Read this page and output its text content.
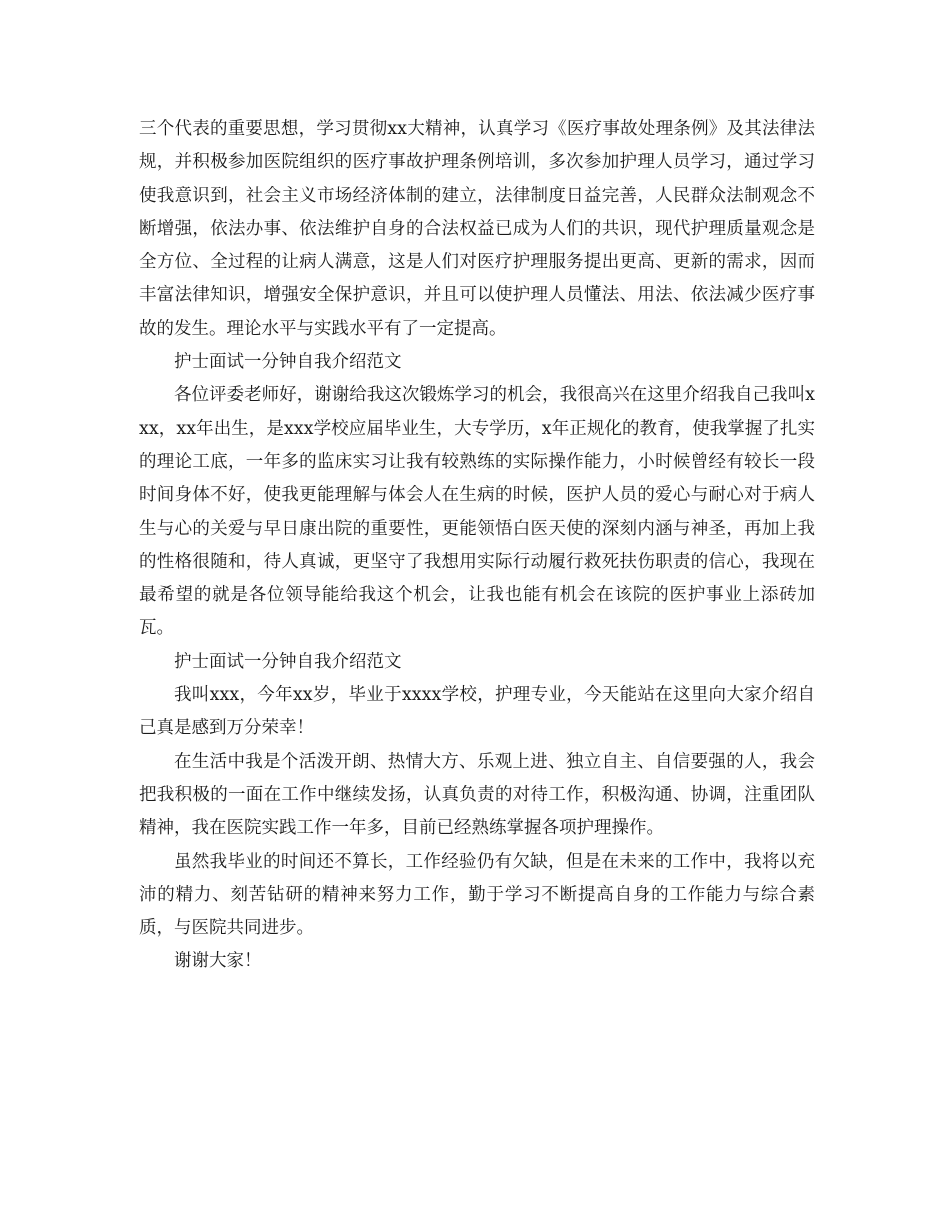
三个代表的重要思想，学习贯彻xx大精神，认真学习《医疗事故处理条例》及其法律法规，并积极参加医院组织的医疗事故护理条例培训，多次参加护理人员学习，通过学习使我意识到，社会主义市场经济体制的建立，法律制度日益完善，人民群众法制观念不断增强，依法办事、依法维护自身的合法权益已成为人们的共识，现代护理质量观念是全方位、全过程的让病人满意，这是人们对医疗护理服务提出更高、更新的需求，因而丰富法律知识，增强安全保护意识，并且可以使护理人员懂法、用法、依法减少医疗事故的发生。理论水平与实践水平有了一定提高。

护士面试一分钟自我介绍范文

各位评委老师好，谢谢给我这次锻炼学习的机会，我很高兴在这里介绍我自己我叫xxx，xx年出生，是xxx学校应届毕业生，大专学历，x年正规化的教育，使我掌握了扎实的理论工底，一年多的监床实习让我有较熟练的实际操作能力，小时候曾经有较长一段时间身体不好，使我更能理解与体会人在生病的时候，医护人员的爱心与耐心对于病人生与心的关爱与早日康出院的重要性，更能领悟白医天使的深刻内涵与神圣，再加上我的性格很随和，待人真诚，更坚守了我想用实际行动履行救死扶伤职责的信心，我现在最希望的就是各位领导能给我这个机会，让我也能有机会在该院的医护事业上添砖加瓦。

护士面试一分钟自我介绍范文

我叫xxx，今年xx岁，毕业于xxxx学校，护理专业，今天能站在这里向大家介绍自己真是感到万分荣幸！

在生活中我是个活泼开朗、热情大方、乐观上进、独立自主、自信要强的人，我会把我积极的一面在工作中继续发扬，认真负责的对待工作，积极沟通、协调，注重团队精神，我在医院实践工作一年多，目前已经熟练掌握各项护理操作。

虽然我毕业的时间还不算长，工作经验仍有欠缺，但是在未来的工作中，我将以充沛的精力、刻苦钻研的精神来努力工作，勤于学习不断提高自身的工作能力与综合素质，与医院共同进步。

谢谢大家！
